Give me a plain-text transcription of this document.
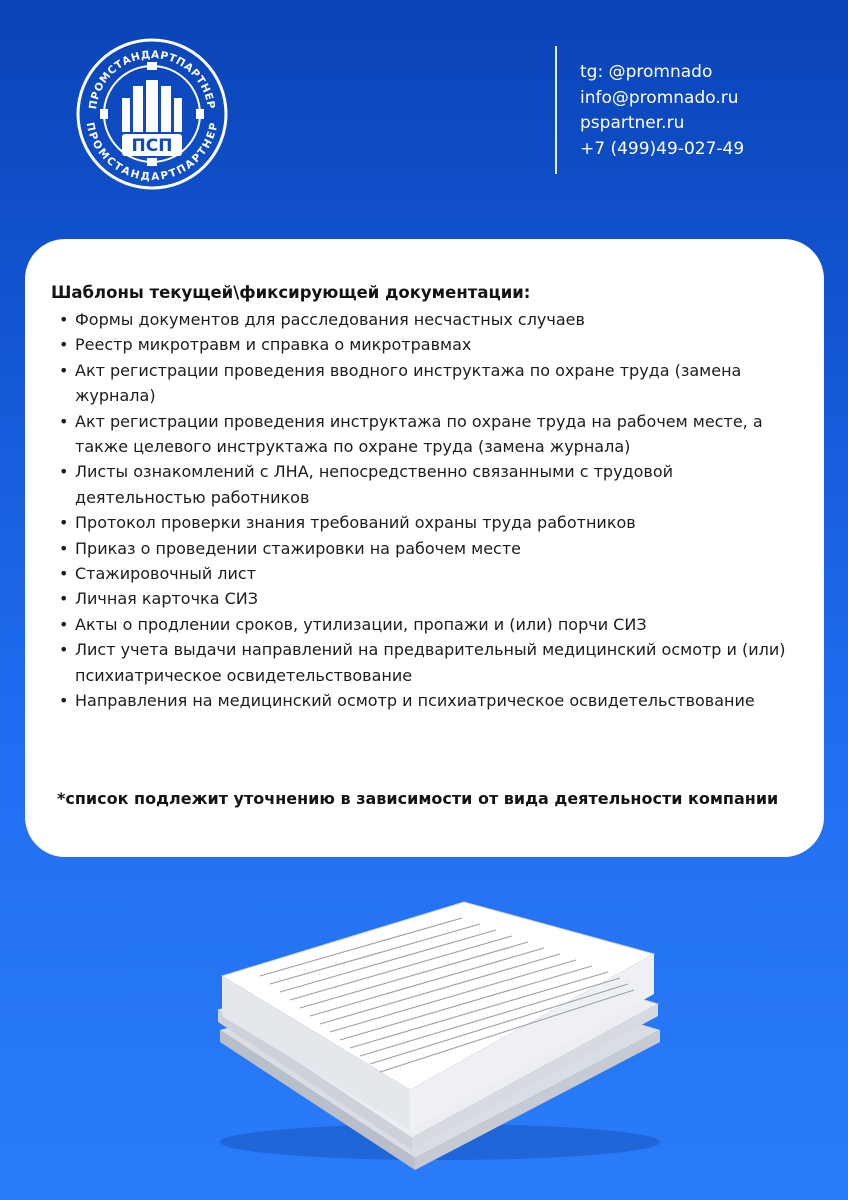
ПРОМСТАНДАРТПАРТНЕР
ПРОМСТАНДАРТПАРТНЕР
ПСП
tg: @promnado
info@promnado.ru
pspartner.ru
+7 (499)49-027-49
Шаблоны текущей\фиксирующей документации:
• Формы документов для расследования несчастных случаев
• Реестр микротравм и справка о микротравмах
• Акт регистрации проведения вводного инструктажа по охране труда (замена журнала)
• Акт регистрации проведения инструктажа по охране труда на рабочем месте, а также целевого инструктажа по охране труда (замена журнала)
• Листы ознакомлений с ЛНА, непосредственно связанными с трудовой деятельностью работников
• Протокол проверки знания требований охраны труда работников
• Приказ о проведении стажировки на рабочем месте
• Стажировочный лист
• Личная карточка СИЗ
• Акты о продлении сроков, утилизации, пропажи и (или) порчи СИЗ
• Лист учета выдачи направлений на предварительный медицинский осмотр и (или) психиатрическое освидетельствование
• Направления на медицинский осмотр и психиатрическое освидетельствование
*список подлежит уточнению в зависимости от вида деятельности компании
